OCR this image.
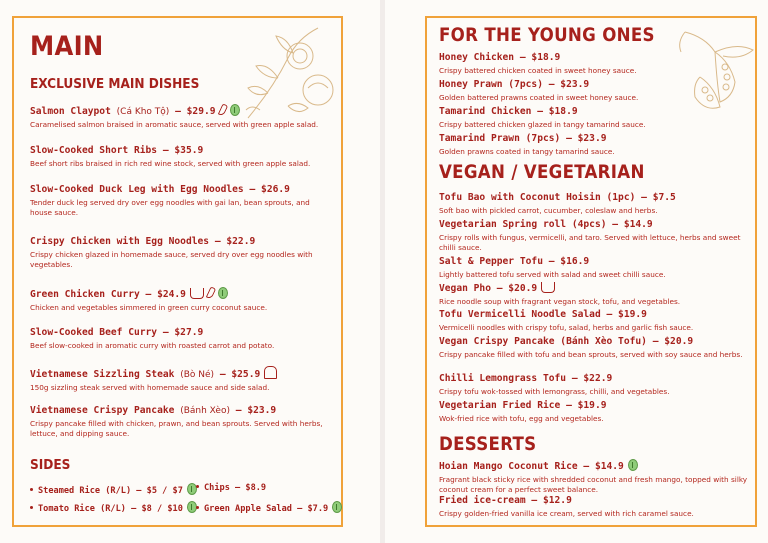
MAIN
EXCLUSIVE MAIN DISHES
Salmon Claypot (Cá Kho Tộ) – $29.9
Caramelised salmon braised in aromatic sauce, served with green apple salad.
Slow-Cooked Short Ribs – $35.9
Beef short ribs braised in rich red wine stock, served with green apple salad.
Slow-Cooked Duck Leg with Egg Noodles – $26.9
Tender duck leg served dry over egg noodles with gai lan, bean sprouts, and house sauce.
Crispy Chicken with Egg Noodles – $22.9
Crispy chicken glazed in homemade sauce, served dry over egg noodles with vegetables.
Green Chicken Curry – $24.9
Chicken and vegetables simmered in green curry coconut sauce.
Slow-Cooked Beef Curry – $27.9
Beef slow-cooked in aromatic curry with roasted carrot and potato.
Vietnamese Sizzling Steak (Bò Né) – $25.9
150g sizzling steak served with homemade sauce and side salad.
Vietnamese Crispy Pancake (Bánh Xèo) – $23.9
Crispy pancake filled with chicken, prawn, and bean sprouts. Served with herbs, lettuce, and dipping sauce.
SIDES
Steamed Rice (R/L) – $5 / $7	Chips – $8.9
Tomato Rice (R/L) – $8 / $10	Green Apple Salad – $7.9
FOR THE YOUNG ONES
Honey Chicken – $18.9
Crispy battered chicken coated in sweet honey sauce.
Honey Prawn (7pcs) – $23.9
Golden battered prawns coated in sweet honey sauce.
Tamarind Chicken – $18.9
Crispy battered chicken glazed in tangy tamarind sauce.
Tamarind Prawn (7pcs) – $23.9
Golden prawns coated in tangy tamarind sauce.
VEGAN / VEGETARIAN
Tofu Bao with Coconut Hoisin (1pc) – $7.5
Soft bao with pickled carrot, cucumber, coleslaw and herbs.
Vegetarian Spring roll (4pcs) – $14.9
Crispy rolls with fungus, vermicelli, and taro. Served with lettuce, herbs and sweet chilli sauce.
Salt & Pepper Tofu – $16.9
Lightly battered tofu served with salad and sweet chilli sauce.
Vegan Pho – $20.9
Rice noodle soup with fragrant vegan stock, tofu, and vegetables.
Tofu Vermicelli Noodle Salad – $19.9
Vermicelli noodles with crispy tofu, salad, herbs and garlic fish sauce.
Vegan Crispy Pancake (Bánh Xèo Tofu) – $20.9
Crispy pancake filled with tofu and bean sprouts, served with soy sauce and herbs.
Chilli Lemongrass Tofu – $22.9
Crispy tofu wok-tossed with lemongrass, chilli, and vegetables.
Vegetarian Fried Rice – $19.9
Wok-fried rice with tofu, egg and vegetables.
DESSERTS
Hoian Mango Coconut Rice – $14.9
Fragrant black sticky rice with shredded coconut and fresh mango, topped with silky coconut cream for a perfect sweet balance.
Fried ice-cream – $12.9
Crispy golden-fried vanilla ice cream, served with rich caramel sauce.
